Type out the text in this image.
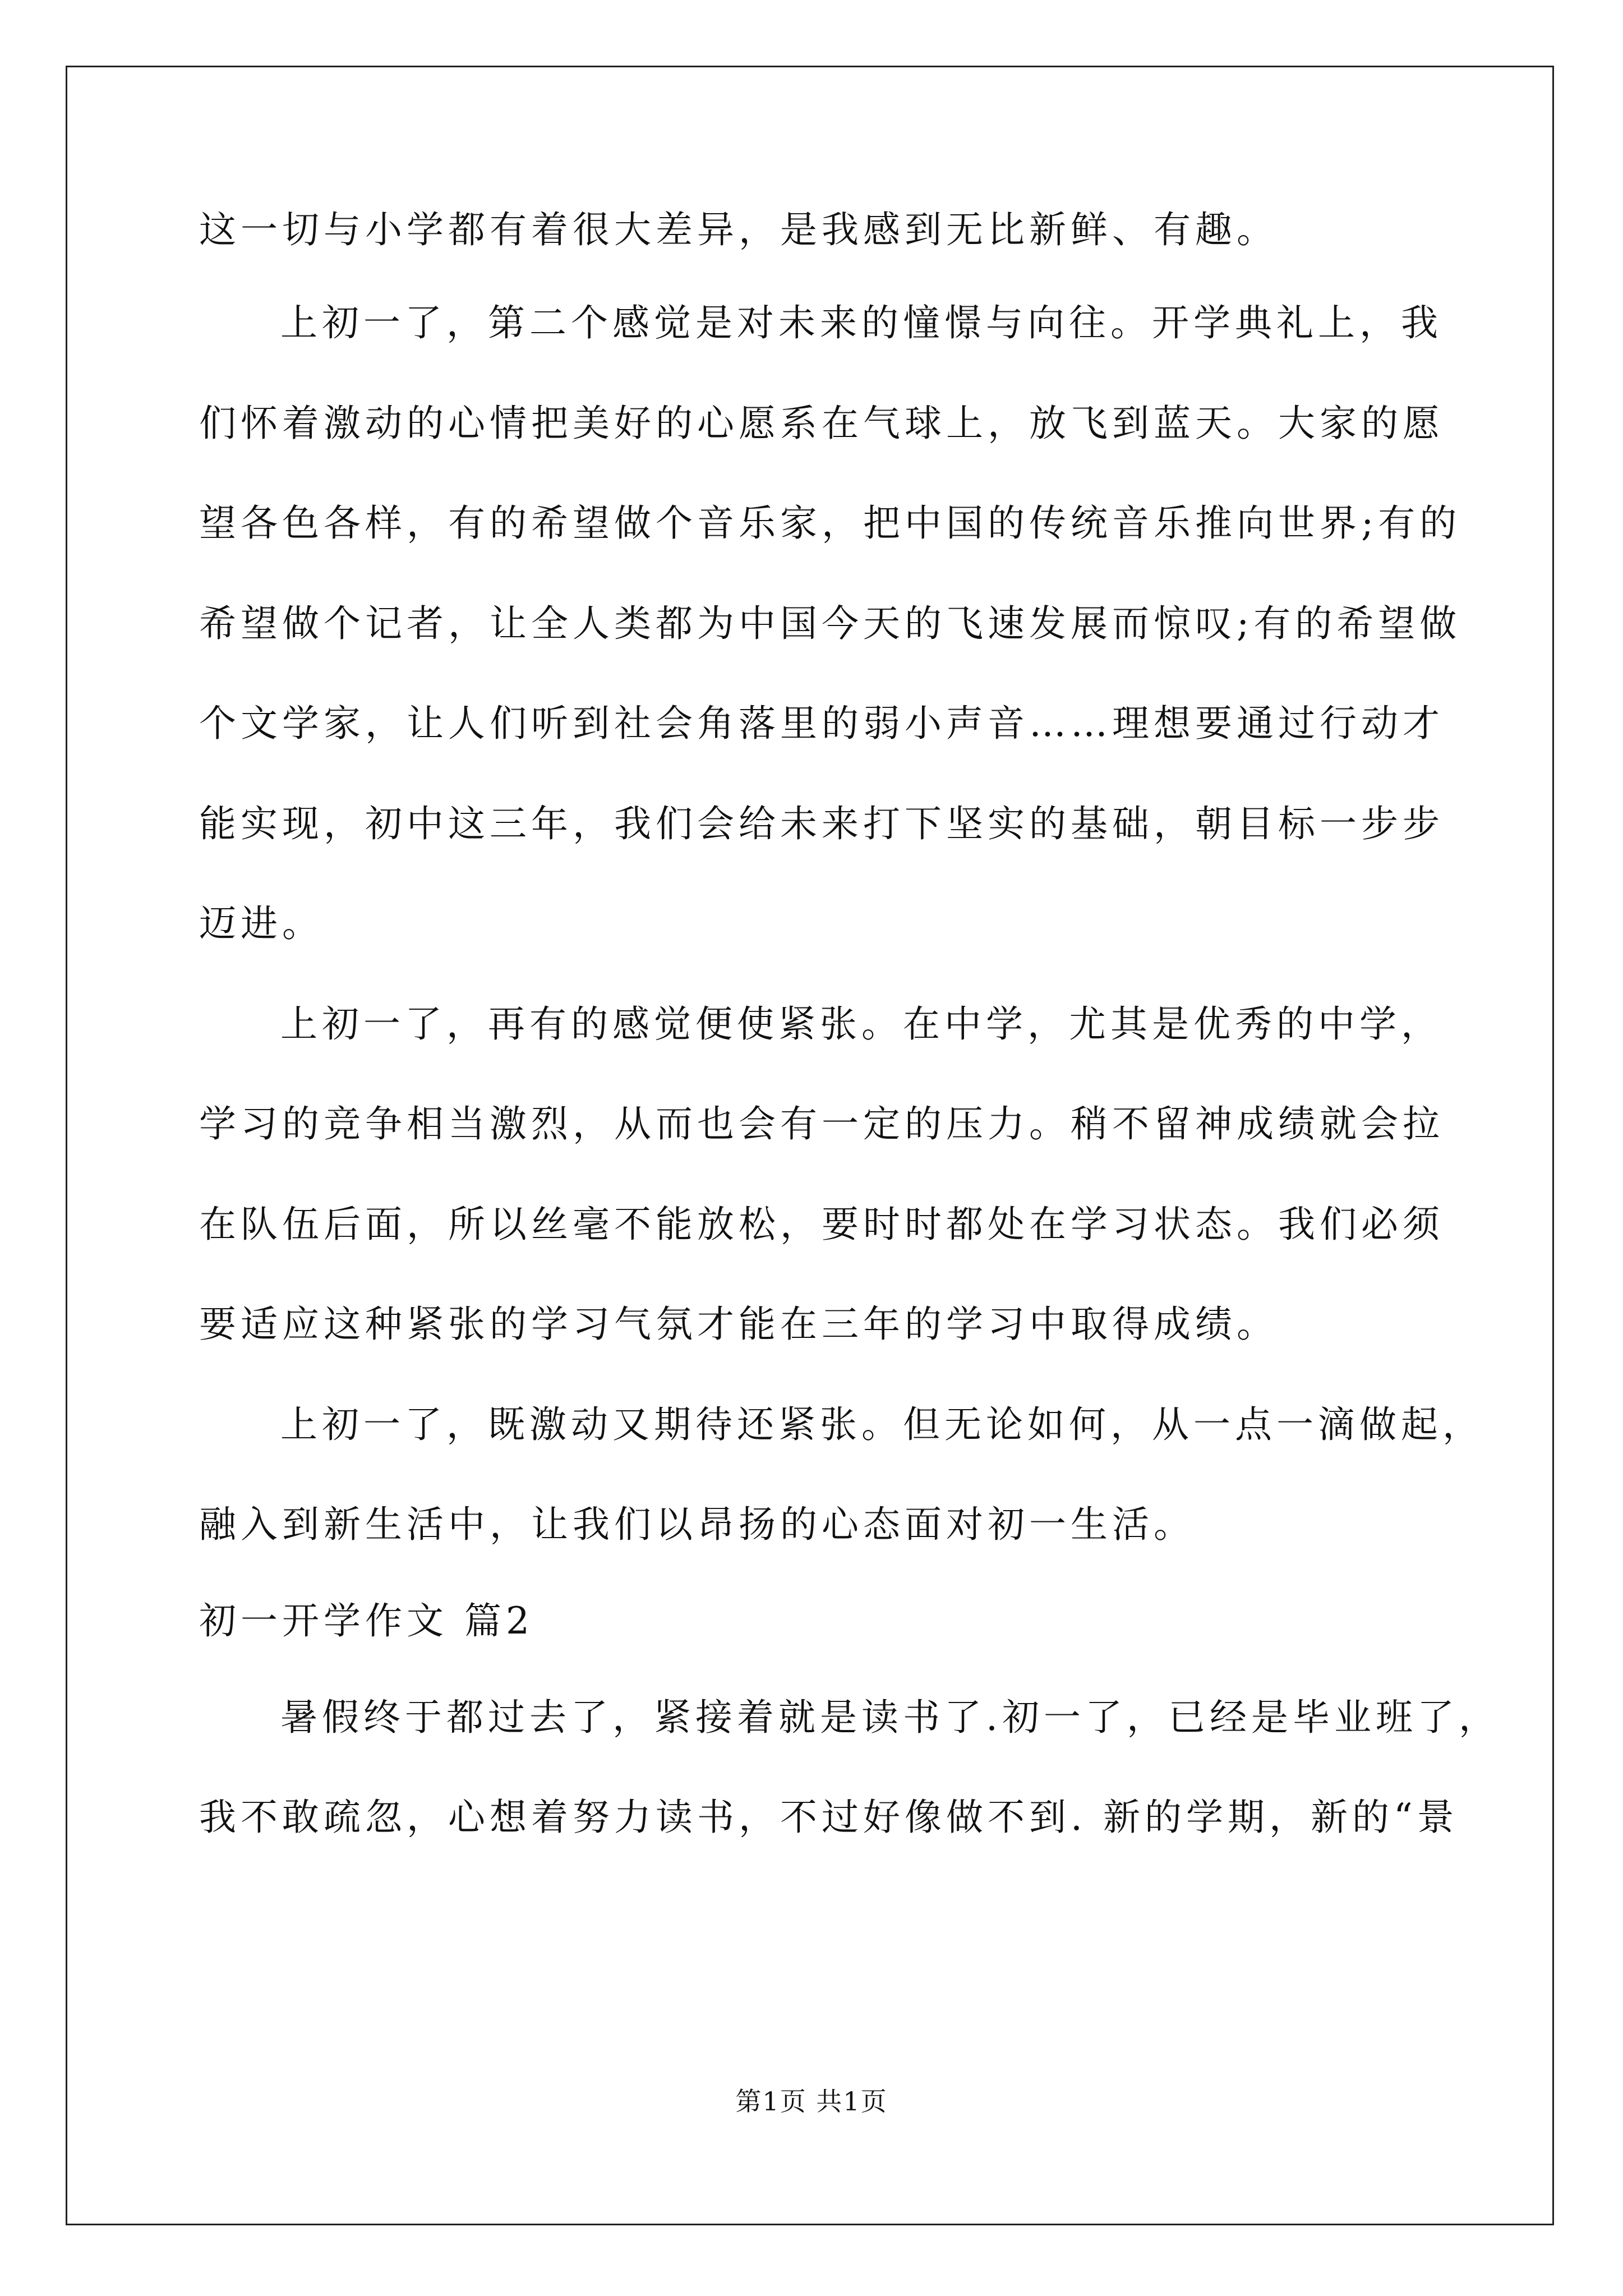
这一切与小学都有着很大差异，是我感到无比新鲜、有趣。
上初一了，第二个感觉是对未来的憧憬与向往。开学典礼上，我
们怀着激动的心情把美好的心愿系在气球上，放飞到蓝天。大家的愿
望各色各样，有的希望做个音乐家，把中国的传统音乐推向世界;有的
希望做个记者，让全人类都为中国今天的飞速发展而惊叹;有的希望做
个文学家，让人们听到社会角落里的弱小声音……理想要通过行动才
能实现，初中这三年，我们会给未来打下坚实的基础，朝目标一步步
迈进。
上初一了，再有的感觉便使紧张。在中学，尤其是优秀的中学，
学习的竞争相当激烈，从而也会有一定的压力。稍不留神成绩就会拉
在队伍后面，所以丝毫不能放松，要时时都处在学习状态。我们必须
要适应这种紧张的学习气氛才能在三年的学习中取得成绩。
上初一了，既激动又期待还紧张。但无论如何，从一点一滴做起，
融入到新生活中，让我们以昂扬的心态面对初一生活。
初一开学作文 篇2
暑假终于都过去了，紧接着就是读书了.初一了，已经是毕业班了，
我不敢疏忽，心想着努力读书，不过好像做不到. 新的学期，新的“景
第1页 共1页
